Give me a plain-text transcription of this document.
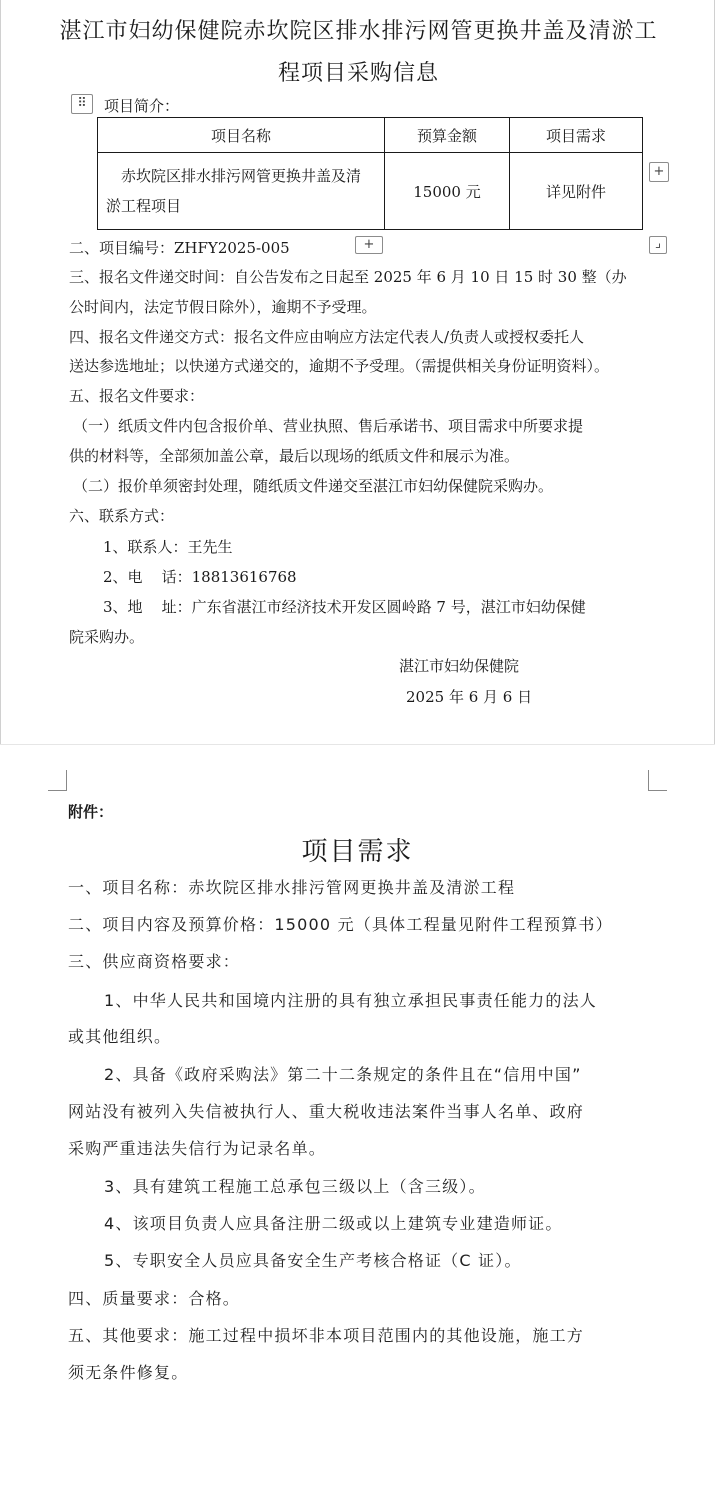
湛江市妇幼保健院赤坎院区排水排污网管更换井盖及清淤工
程项目采购信息
⠿	项目简介：
项目名称	预算金额	项目需求

赤坎院区排水排污网管更换井盖及清
淤工程项目	15000 元	详见附件
+
+	⌟
二、项目编号：ZHFY2025-005
三、报名文件递交时间：自公告发布之日起至 2025 年 6 月 10 日 15 时 30 整（办
公时间内，法定节假日除外），逾期不予受理。
四、报名文件递交方式：报名文件应由响应方法定代表人/负责人或授权委托人
送达参选地址；以快递方式递交的，逾期不予受理。（需提供相关身份证明资料）。
五、报名文件要求：
（一）纸质文件内包含报价单、营业执照、售后承诺书、项目需求中所要求提
供的材料等，全部须加盖公章，最后以现场的纸质文件和展示为准。
（二）报价单须密封处理，随纸质文件递交至湛江市妇幼保健院采购办。
六、联系方式：
1、联系人：王先生
2、电    话：18813616768
3、地    址：广东省湛江市经济技术开发区圆岭路 7 号，湛江市妇幼保健
院采购办。
湛江市妇幼保健院
2025 年 6 月 6 日
附件：
项目需求
一、项目名称：赤坎院区排水排污管网更换井盖及清淤工程
二、项目内容及预算价格：15000 元（具体工程量见附件工程预算书）
三、供应商资格要求：
1、中华人民共和国境内注册的具有独立承担民事责任能力的法人
或其他组织。
2、具备《政府采购法》第二十二条规定的条件且在“信用中国”
网站没有被列入失信被执行人、重大税收违法案件当事人名单、政府
采购严重违法失信行为记录名单。
3、具有建筑工程施工总承包三级以上（含三级）。
4、该项目负责人应具备注册二级或以上建筑专业建造师证。
5、专职安全人员应具备安全生产考核合格证（C 证）。
四、质量要求：合格。
五、其他要求：施工过程中损坏非本项目范围内的其他设施，施工方
须无条件修复。
